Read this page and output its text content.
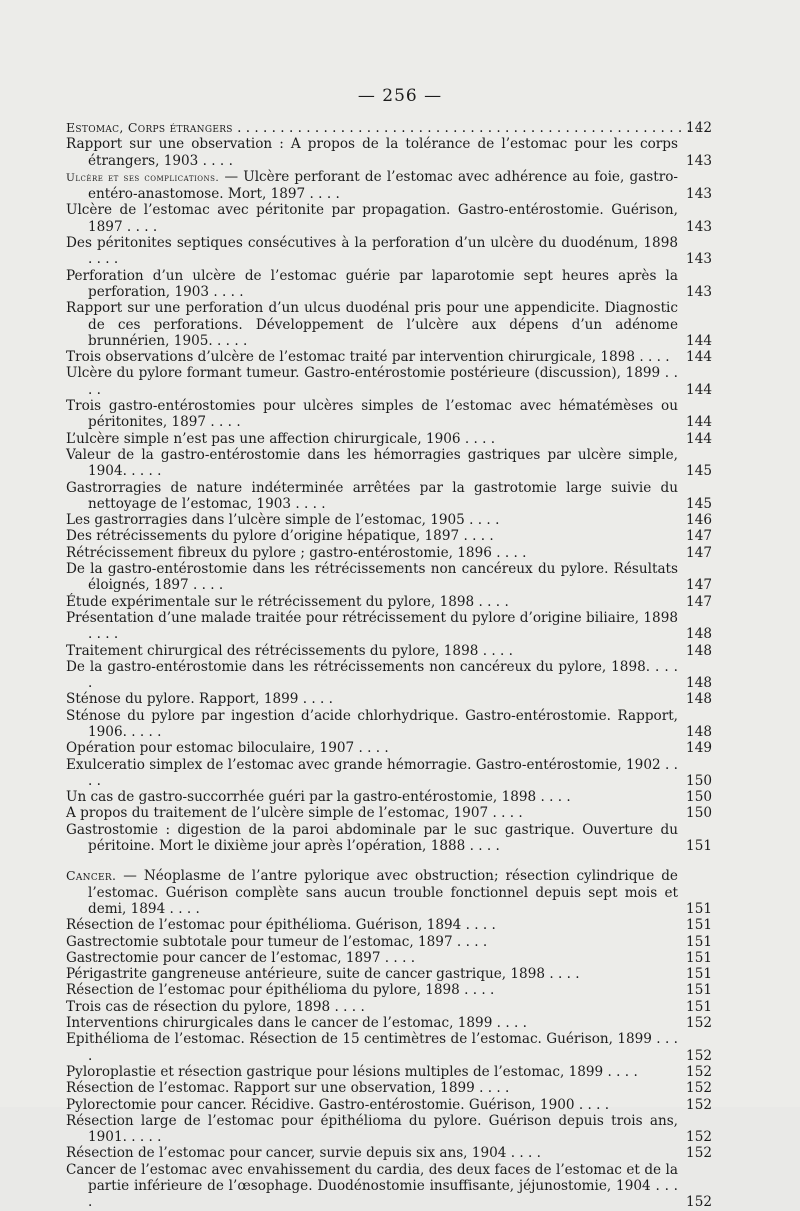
— 256 —
Estomac, Corps étrangers . . .	142
Rapport sur une observation : A propos de la tolérance de l’estomac pour les corps étrangers, 1903 . . . .	143
Ulcère et ses complications. — Ulcère perforant de l’estomac avec adhérence au foie, gastro-entéro-anastomose. Mort, 1897 . . . .	143
Ulcère de l’estomac avec péritonite par propagation. Gastro-entérostomie. Guérison, 1897 . . . .	143
Des péritonites septiques consécutives à la perforation d’un ulcère du duodénum, 1898 . . . .	143
Perforation d’un ulcère de l’estomac guérie par laparotomie sept heures après la perforation, 1903 . . . .	143
Rapport sur une perforation d’un ulcus duodénal pris pour une appendicite. Diagnostic de ces perforations. Développement de l’ulcère aux dépens d’un adénome brunnérien, 1905. . . . .	144
Trois observations d’ulcère de l’estomac traité par intervention chirurgicale, 1898 . . . . 144
Ulcère du pylore formant tumeur. Gastro-entérostomie postérieure (discussion), 1899 . . . .	144
Trois gastro-entérostomies pour ulcères simples de l’estomac avec hématémèses ou péritonites, 1897 . . . .	144
L’ulcère simple n’est pas une affection chirurgicale, 1906 . . . .	144
Valeur de la gastro-entérostomie dans les hémorragies gastriques par ulcère simple, 1904. . . . .	145
Gastrorragies de nature indéterminée arrêtées par la gastrotomie large suivie du nettoyage de l’estomac, 1903 . . . .	145
Les gastrorragies dans l’ulcère simple de l’estomac, 1905 . . . .	146
Des rétrécissements du pylore d’origine hépatique, 1897 . . . .	147
Rétrécissement fibreux du pylore ; gastro-entérostomie, 1896 . . . .	147
De la gastro-entérostomie dans les rétrécissements non cancéreux du pylore. Résultats éloignés, 1897 . . . .	147
Étude expérimentale sur le rétrécissement du pylore, 1898 . . . .	147
Présentation d’une malade traitée pour rétrécissement du pylore d’origine biliaire, 1898 . . . .	148
Traitement chirurgical des rétrécissements du pylore, 1898 . . . .	148
De la gastro-entérostomie dans les rétrécissements non cancéreux du pylore, 1898. . . . .	148
Sténose du pylore. Rapport, 1899 . . . .	148
Sténose du pylore par ingestion d’acide chlorhydrique. Gastro-entérostomie. Rapport, 1906. . . . .	148
Opération pour estomac biloculaire, 1907 . . . .	149
Exulceratio simplex de l’estomac avec grande hémorragie. Gastro-entérostomie, 1902 . . . .	150
Un cas de gastro-succorrhée guéri par la gastro-entérostomie, 1898 . . . .	150
A propos du traitement de l’ulcère simple de l’estomac, 1907 . . . .	150
Gastrostomie : digestion de la paroi abdominale par le suc gastrique. Ouverture du péritoine. Mort le dixième jour après l’opération, 1888 . . . .	151
Cancer. — Néoplasme de l’antre pylorique avec obstruction; résection cylindrique de l’estomac. Guérison complète sans aucun trouble fonctionnel depuis sept mois et demi, 1894 . . . .	151
Résection de l’estomac pour épithélioma. Guérison, 1894 . . . .	151
Gastrectomie subtotale pour tumeur de l’estomac, 1897 . . . .	151
Gastrectomie pour cancer de l’estomac, 1897 . . . .	151
Périgastrite gangreneuse antérieure, suite de cancer gastrique, 1898 . . . .	151
Résection de l’estomac pour épithélioma du pylore, 1898 . . . .	151
Trois cas de résection du pylore, 1898 . . . .	151
Interventions chirurgicales dans le cancer de l’estomac, 1899 . . . .	152
Epithélioma de l’estomac. Résection de 15 centimètres de l’estomac. Guérison, 1899 . . . .	152
Pyloroplastie et résection gastrique pour lésions multiples de l’estomac, 1899 . . . .	152
Résection de l’estomac. Rapport sur une observation, 1899 . . . .	152
Pylorectomie pour cancer. Récidive. Gastro-entérostomie. Guérison, 1900 . . . .	152
Résection large de l’estomac pour épithélioma du pylore. Guérison depuis trois ans, 1901. . . . .	152
Résection de l’estomac pour cancer, survie depuis six ans, 1904 . . . .	152
Cancer de l’estomac avec envahissement du cardia, des deux faces de l’estomac et de la partie inférieure de l’œsophage. Duodénostomie insuffisante, jéjunostomie, 1904 . . . .	152
